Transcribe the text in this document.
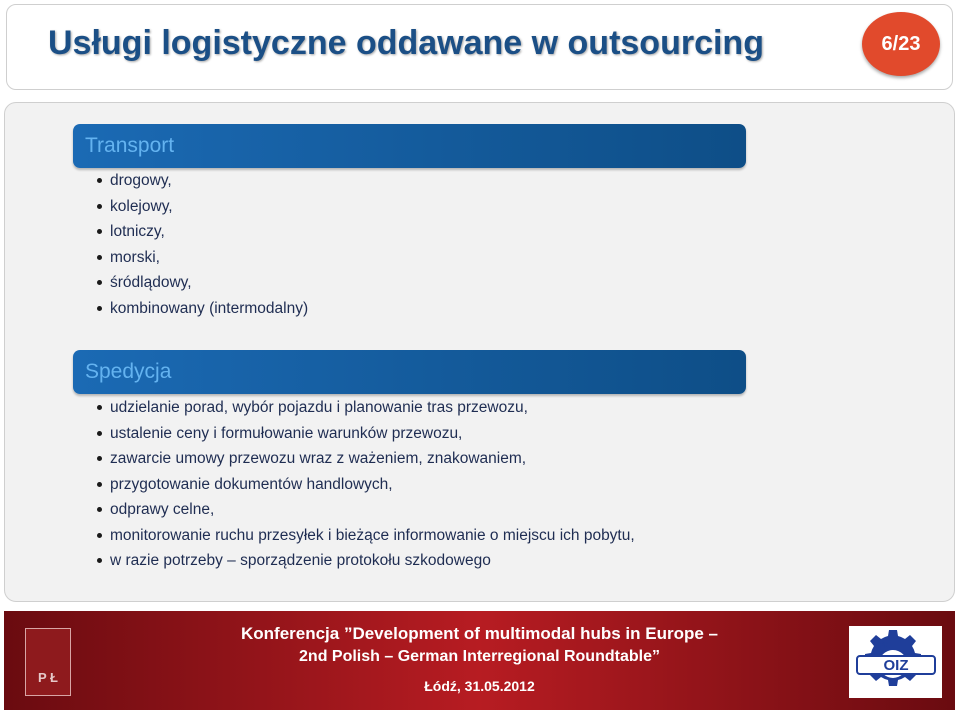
Usługi logistyczne oddawane w outsourcing	6/23
Transport
drogowy,
kolejowy,
lotniczy,
morski,
śródlądowy,
kombinowany (intermodalny)
Spedycja
udzielanie porad, wybór pojazdu i planowanie tras przewozu,
ustalenie ceny i formułowanie warunków przewozu,
zawarcie umowy przewozu wraz z ważeniem, znakowaniem,
przygotowanie dokumentów handlowych,
odprawy celne,
monitorowanie ruchu przesyłek i bieżące informowanie o miejscu ich pobytu,
w razie potrzeby – sporządzenie protokołu szkodowego
P Ł
Konferencja ”Development of multimodal hubs in Europe –
2nd Polish – German Interregional Roundtable”
Łódź, 31.05.2012
OIZ
PŁ
